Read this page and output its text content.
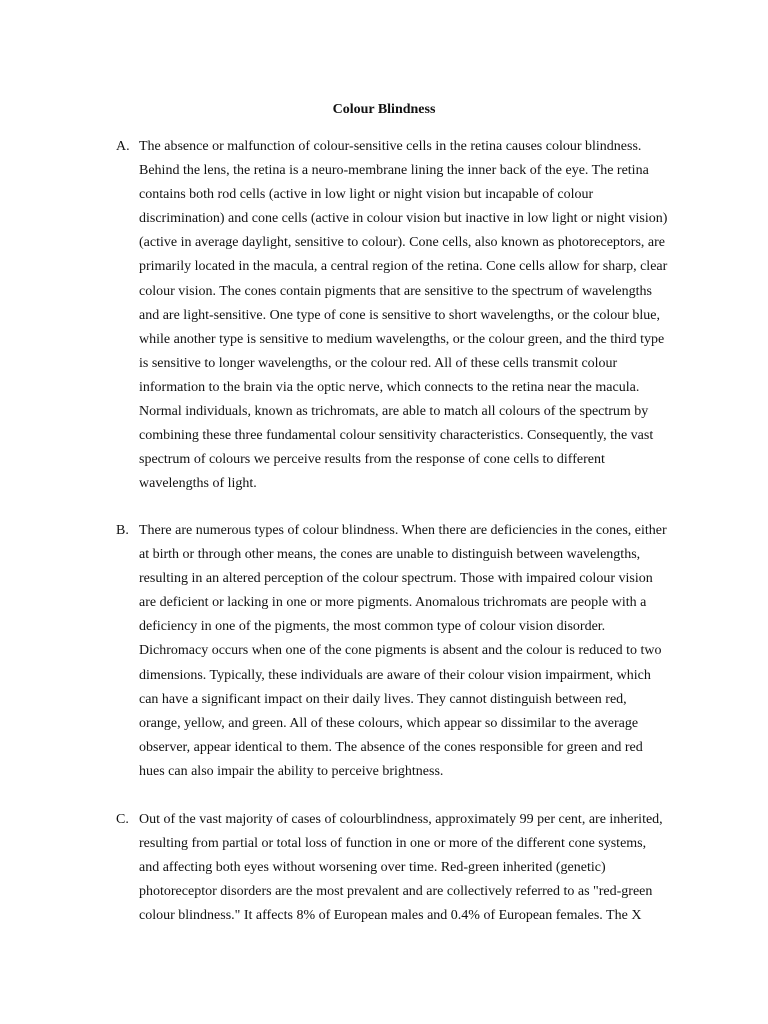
Colour Blindness
A. The absence or malfunction of colour-sensitive cells in the retina causes colour blindness.
Behind the lens, the retina is a neuro-membrane lining the inner back of the eye. The retina
contains both rod cells (active in low light or night vision but incapable of colour
discrimination) and cone cells (active in colour vision but inactive in low light or night vision)
(active in average daylight, sensitive to colour). Cone cells, also known as photoreceptors, are
primarily located in the macula, a central region of the retina. Cone cells allow for sharp, clear
colour vision. The cones contain pigments that are sensitive to the spectrum of wavelengths
and are light-sensitive. One type of cone is sensitive to short wavelengths, or the colour blue,
while another type is sensitive to medium wavelengths, or the colour green, and the third type
is sensitive to longer wavelengths, or the colour red. All of these cells transmit colour
information to the brain via the optic nerve, which connects to the retina near the macula.
Normal individuals, known as trichromats, are able to match all colours of the spectrum by
combining these three fundamental colour sensitivity characteristics. Consequently, the vast
spectrum of colours we perceive results from the response of cone cells to different
wavelengths of light.
B. There are numerous types of colour blindness. When there are deficiencies in the cones, either
at birth or through other means, the cones are unable to distinguish between wavelengths,
resulting in an altered perception of the colour spectrum. Those with impaired colour vision
are deficient or lacking in one or more pigments. Anomalous trichromats are people with a
deficiency in one of the pigments, the most common type of colour vision disorder.
Dichromacy occurs when one of the cone pigments is absent and the colour is reduced to two
dimensions. Typically, these individuals are aware of their colour vision impairment, which
can have a significant impact on their daily lives. They cannot distinguish between red,
orange, yellow, and green. All of these colours, which appear so dissimilar to the average
observer, appear identical to them. The absence of the cones responsible for green and red
hues can also impair the ability to perceive brightness.
C. Out of the vast majority of cases of colourblindness, approximately 99 per cent, are inherited,
resulting from partial or total loss of function in one or more of the different cone systems,
and affecting both eyes without worsening over time. Red-green inherited (genetic)
photoreceptor disorders are the most prevalent and are collectively referred to as "red-green
colour blindness." It affects 8% of European males and 0.4% of European females. The X
